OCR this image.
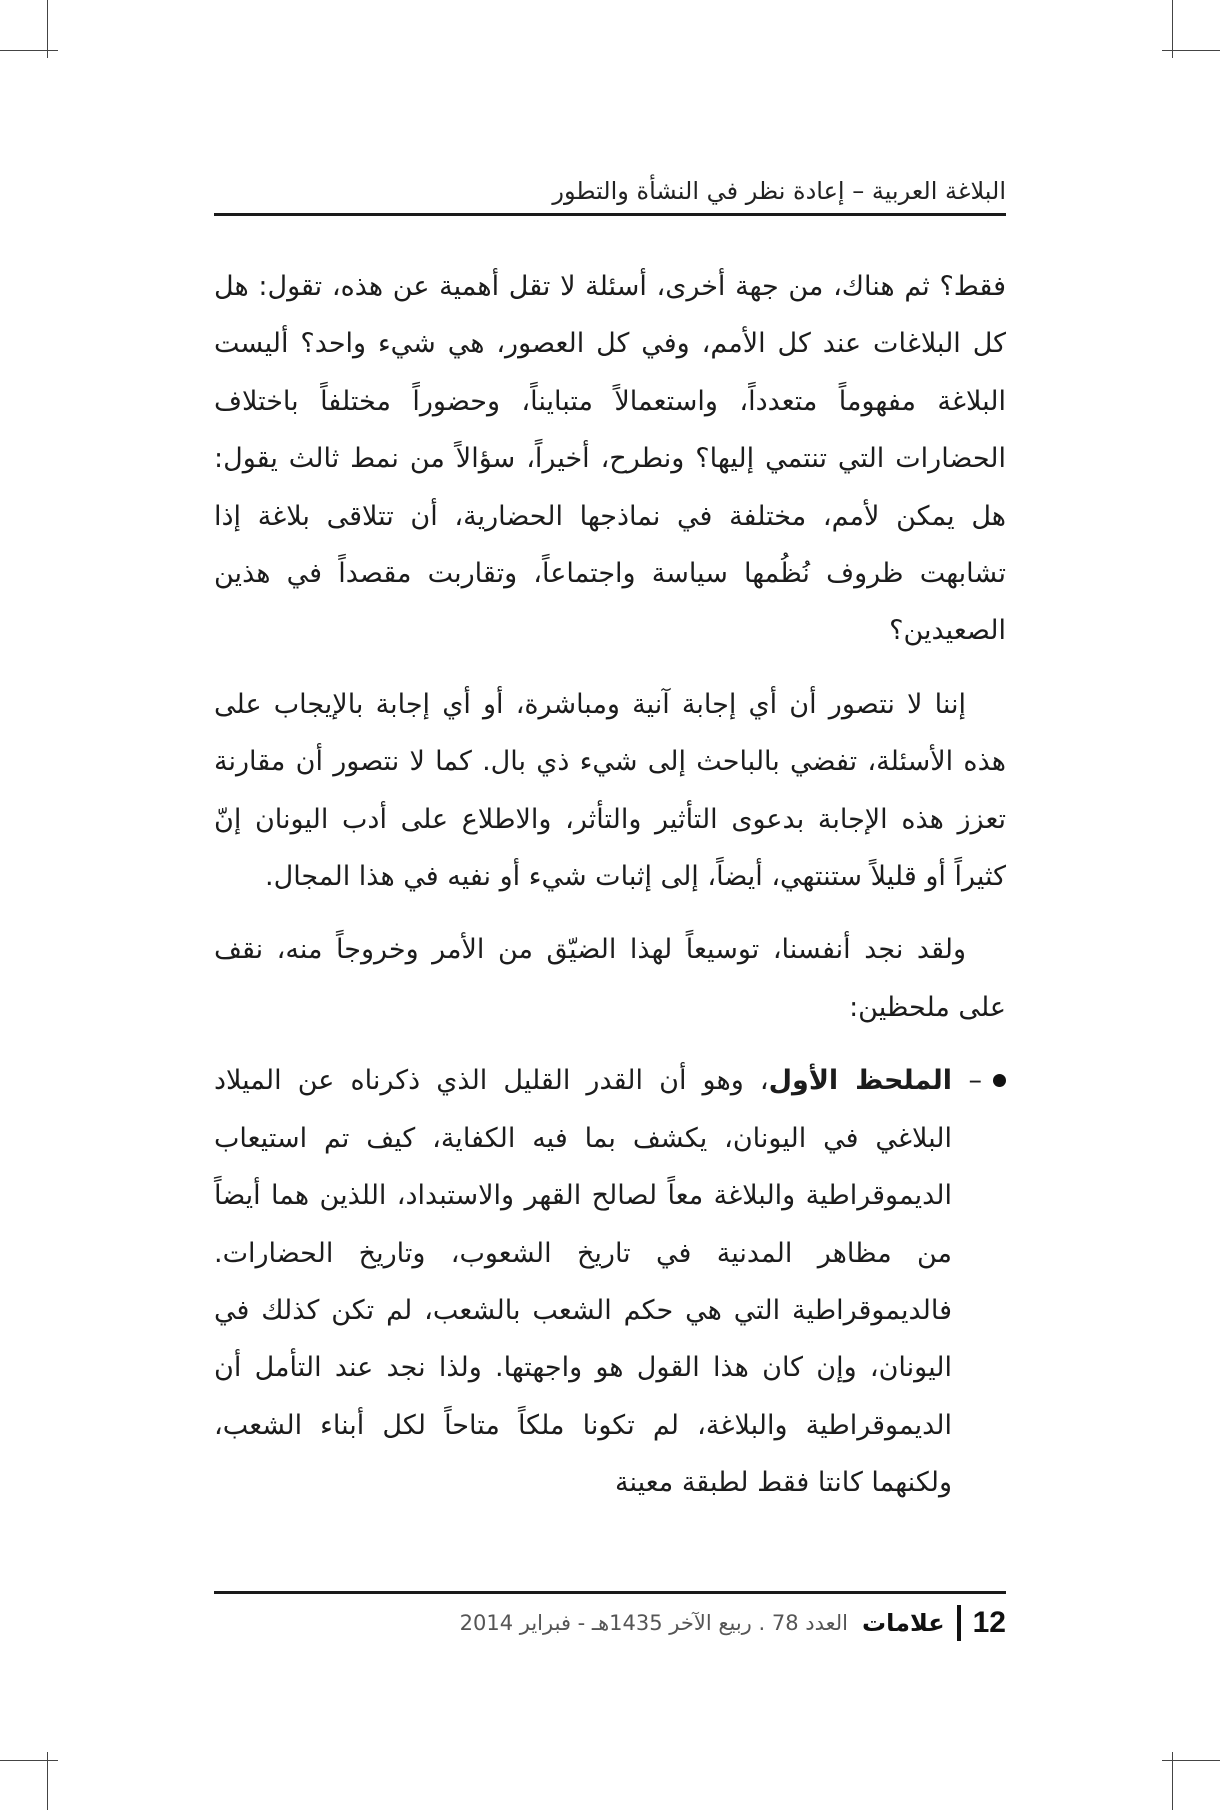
البلاغة العربية – إعادة نظر في النشأة والتطور

فقط؟ ثم هناك، من جهة أخرى، أسئلة لا تقل أهمية عن هذه، تقول: هل كل البلاغات عند كل الأمم، وفي كل العصور، هي شيء واحد؟ أليست البلاغة مفهوماً متعدداً، واستعمالاً متبايناً، وحضوراً مختلفاً باختلاف الحضارات التي تنتمي إليها؟ ونطرح، أخيراً، سؤالاً من نمط ثالث يقول: هل يمكن لأمم، مختلفة في نماذجها الحضارية، أن تتلاقى بلاغة إذا تشابهت ظروف نُظُمها سياسة واجتماعاً، وتقاربت مقصداً في هذين الصعيدين؟

إننا لا نتصور أن أي إجابة آنية ومباشرة، أو أي إجابة بالإيجاب على هذه الأسئلة، تفضي بالباحث إلى شيء ذي بال. كما لا نتصور أن مقارنة تعزز هذه الإجابة بدعوى التأثير والتأثر، والاطلاع على أدب اليونان إنّ كثيراً أو قليلاً ستنتهي، أيضاً، إلى إثبات شيء أو نفيه في هذا المجال.

ولقد نجد أنفسنا، توسيعاً لهذا الضيّق من الأمر وخروجاً منه، نقف على ملحظين:

–
الملحظ الأول، وهو أن القدر القليل الذي ذكرناه عن الميلاد البلاغي في اليونان، يكشف بما فيه الكفاية، كيف تم استيعاب الديموقراطية والبلاغة معاً لصالح القهر والاستبداد، اللذين هما أيضاً من مظاهر المدنية في تاريخ الشعوب، وتاريخ الحضارات. فالديموقراطية التي هي حكم الشعب بالشعب، لم تكن كذلك في اليونان، وإن كان هذا القول هو واجهتها. ولذا نجد عند التأمل أن الديموقراطية والبلاغة، لم تكونا ملكاً متاحاً لكل أبناء الشعب، ولكنهما كانتا فقط لطبقة معينة
12
علامات
العدد 78 . ربيع الآخر 1435هـ - فبراير 2014
